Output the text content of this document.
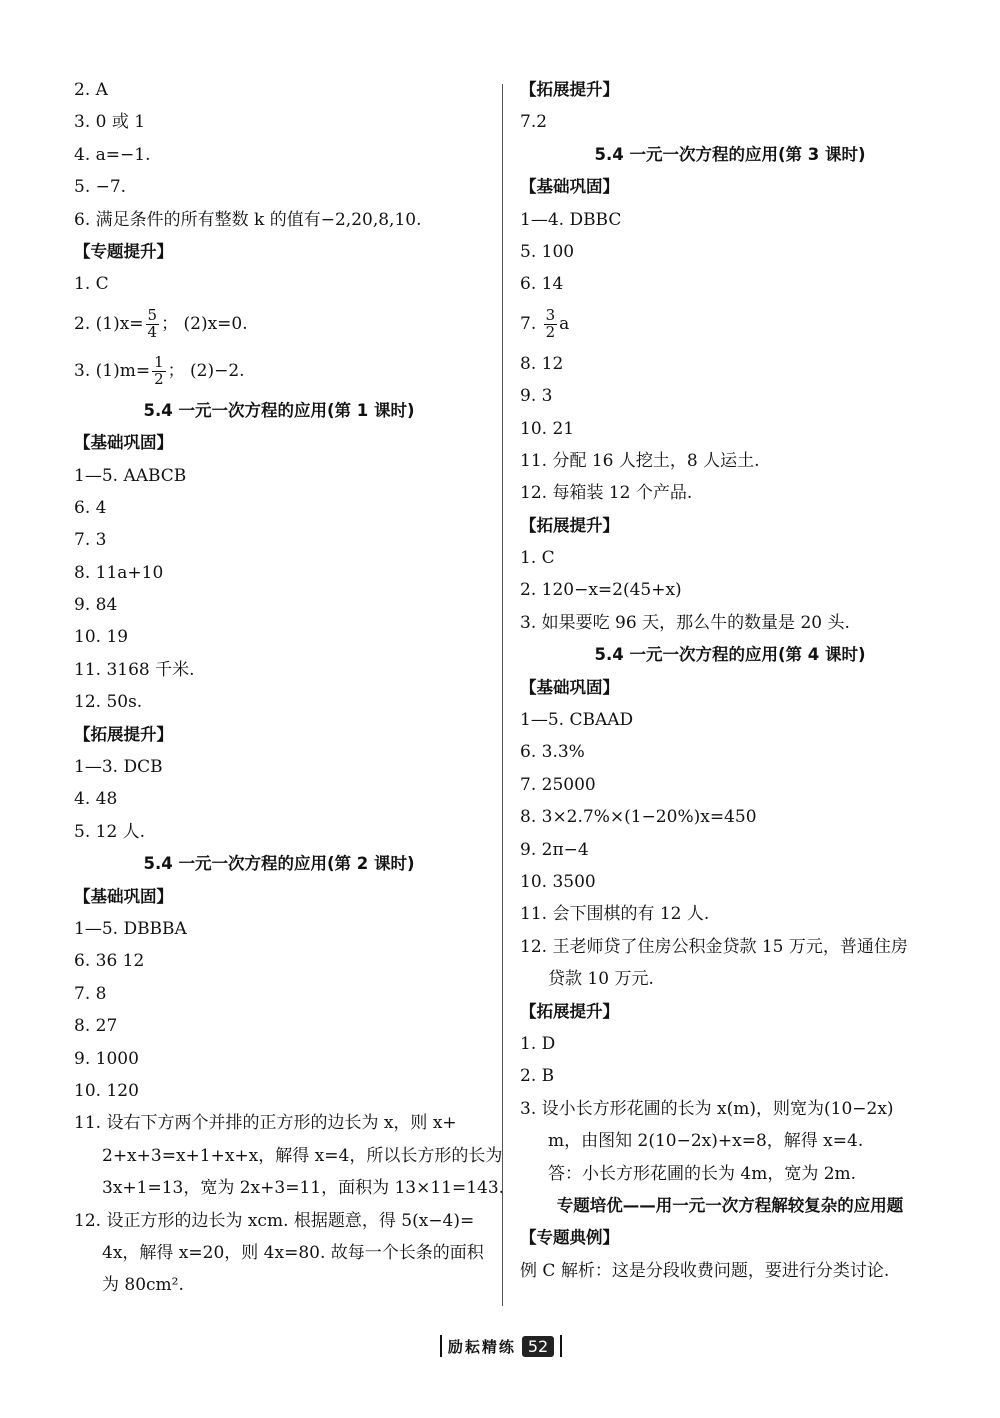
2. A
3. 0 或 1
4. a=−1.
5. −7.
6. 满足条件的所有整数 k 的值有−2,20,8,10.
【专题提升】
1. C
2. $(1)x= \frac{5}{4}$ ； (2)x=0.
3. $(1)m= \frac{1}{2}$ ； (2)−2.
5.4 一元一次方程的应用(第 1 课时)
【基础巩固】
1—5. AABCB
6. 4
7. 3
8. 11a+10
9. 84
10. 19
11. 3168 千米.
12. 50s.
【拓展提升】
1—3. DCB
4. 48
5. 12 人.
5.4 一元一次方程的应用(第 2 课时)
【基础巩固】
1—5. DBBBA
6. 36 12
7. 8
8. 27
9. 1000
10. 120
11. 设右下方两个并排的正方形的边长为 x，则 x+
2+x+3=x+1+x+x，解得 x=4，所以长方形的长为
3x+1=13，宽为 2x+3=11，面积为 13×11=143.
12. 设正方形的边长为 xcm. 根据题意，得 5(x−4)=
4x，解得 x=20，则 4x=80. 故每一个长条的面积
为 80cm².
【拓展提升】
7.2
5.4 一元一次方程的应用(第 3 课时)
【基础巩固】
1—4. DBBC
5. 100
6. 14
7. $\frac{3}{2}$ a
8. 12
9. 3
10. 21
11. 分配 16 人挖土，8 人运土.
12. 每箱装 12 个产品.
【拓展提升】
1. C
2. 120−x=2(45+x)
3. 如果要吃 96 天，那么牛的数量是 20 头.
5.4 一元一次方程的应用(第 4 课时)
【基础巩固】
1—5. CBAAD
6. 3.3%
7. 25000
8. 3×2.7%×(1−20%)x=450
9. 2π−4
10. 3500
11. 会下围棋的有 12 人.
12. 王老师贷了住房公积金贷款 15 万元，普通住房
贷款 10 万元.
【拓展提升】
1. D
2. B
3. 设小长方形花圃的长为 x(m)，则宽为(10−2x)
m，由图知 2(10−2x)+x=8，解得 x=4.
答：小长方形花圃的长为 4m，宽为 2m.
专题培优——用一元一次方程解较复杂的应用题
【专题典例】
例 C 解析：这是分段收费问题，要进行分类讨论.
励耘精练 52
